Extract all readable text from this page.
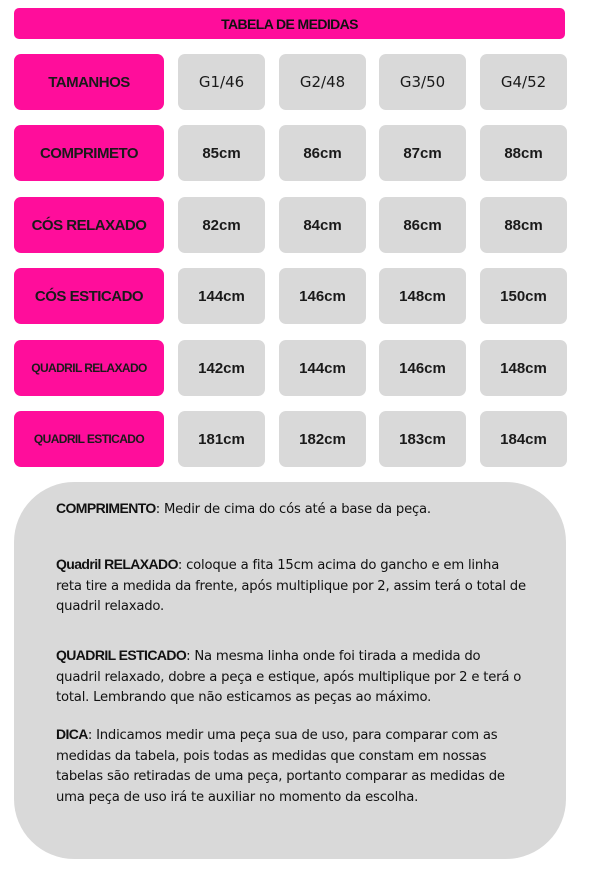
TABELA DE MEDIDAS
TAMANHOS	G1/46	G2/48	G3/50	G4/52
COMPRIMETO	85cm	86cm	87cm	88cm
CÓS RELAXADO	82cm	84cm	86cm	88cm
CÓS ESTICADO	144cm	146cm	148cm	150cm
QUADRIL RELAXADO	142cm	144cm	146cm	148cm
QUADRIL ESTICADO	181cm	182cm	183cm	184cm
COMPRIMENTO: Medir de cima do cós até a base da peça.
Quadril RELAXADO: coloque a fita 15cm acima do gancho e em linha reta tire a medida da frente, após multiplique por 2, assim terá o total de quadril relaxado.
QUADRIL ESTICADO: Na mesma linha onde foi tirada a medida do quadril relaxado, dobre a peça e estique, após multiplique por 2 e terá o total. Lembrando que não esticamos as peças ao máximo.
DICA: Indicamos medir uma peça sua de uso, para comparar com as medidas da tabela, pois todas as medidas que constam em nossas tabelas são retiradas de uma peça, portanto comparar as medidas de uma peça de uso irá te auxiliar no momento da escolha.
